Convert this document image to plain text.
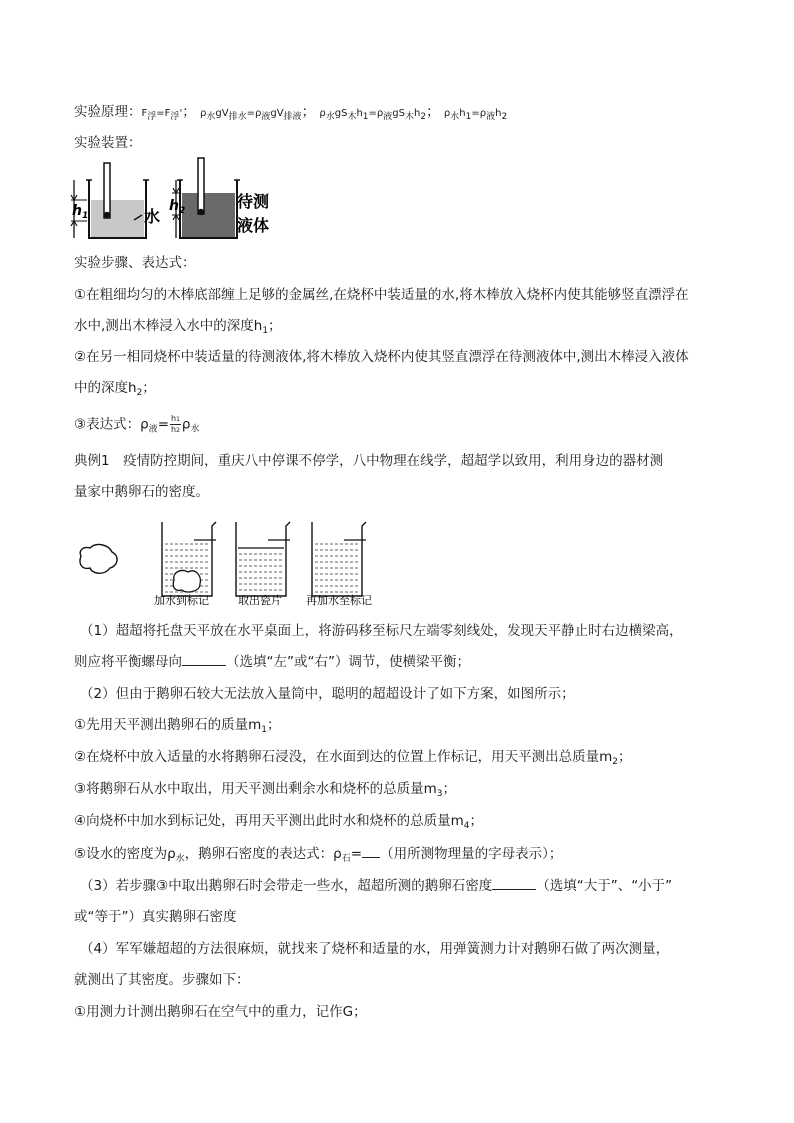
实验原理：$F_浮=F_浮'$； $\rho_水gV_{排水}=\rho_液gV_{排液}$； $\rho_水gS_木h_1=\rho_液gS_木h_2$； $\rho_水h_1=\rho_液h_2$
实验装置：
$h_1$	水
$h_2$	待测
液体
实验步骤、表达式：
①在粗细均匀的木棒底部缠上足够的金属丝,在烧杯中装适量的水,将木棒放入烧杯内使其能够竖直漂浮在
水中,测出木棒浸入水中的深度$h_1$；
②在另一相同烧杯中装适量的待测液体,将木棒放入烧杯内使其竖直漂浮在待测液体中,测出木棒浸入液体
中的深度$h_2$；
③表达式：$\rho_液= \frac{h1}{h2} \rho_水$
典例1　疫情防控期间，重庆八中停课不停学，八中物理在线学，超超学以致用，利用身边的器材测
量家中鹅卵石的密度。
加水到标记	取出瓷片 再加水至标记
（1）超超将托盘天平放在水平桌面上，将游码移至标尺左端零刻线处，发现天平静止时右边横梁高，
则应将平衡螺母向	（选填“左”或“右”）调节，使横梁平衡；
（2）但由于鹅卵石较大无法放入量筒中，聪明的超超设计了如下方案，如图所示；
①先用天平测出鹅卵石的质量$m_1$；
②在烧杯中放入适量的水将鹅卵石浸没，在水面到达的位置上作标记，用天平测出总质量$m_2$；
③将鹅卵石从水中取出，用天平测出剩余水和烧杯的总质量$m_3$；
④向烧杯中加水到标记处，再用天平测出此时水和烧杯的总质量$m_4$；
⑤设水的密度为$\rho_水$，鹅卵石密度的表达式：$\rho_石=$ （用所测物理量的字母表示）；
（3）若步骤③中取出鹅卵石时会带走一些水，超超所测的鹅卵石密度	（选填“大于”、“小于”
或“等于”）真实鹅卵石密度
（4）军军嫌超超的方法很麻烦，就找来了烧杯和适量的水，用弹簧测力计对鹅卵石做了两次测量，
就测出了其密度。步骤如下：
①用测力计测出鹅卵石在空气中的重力，记作G；
